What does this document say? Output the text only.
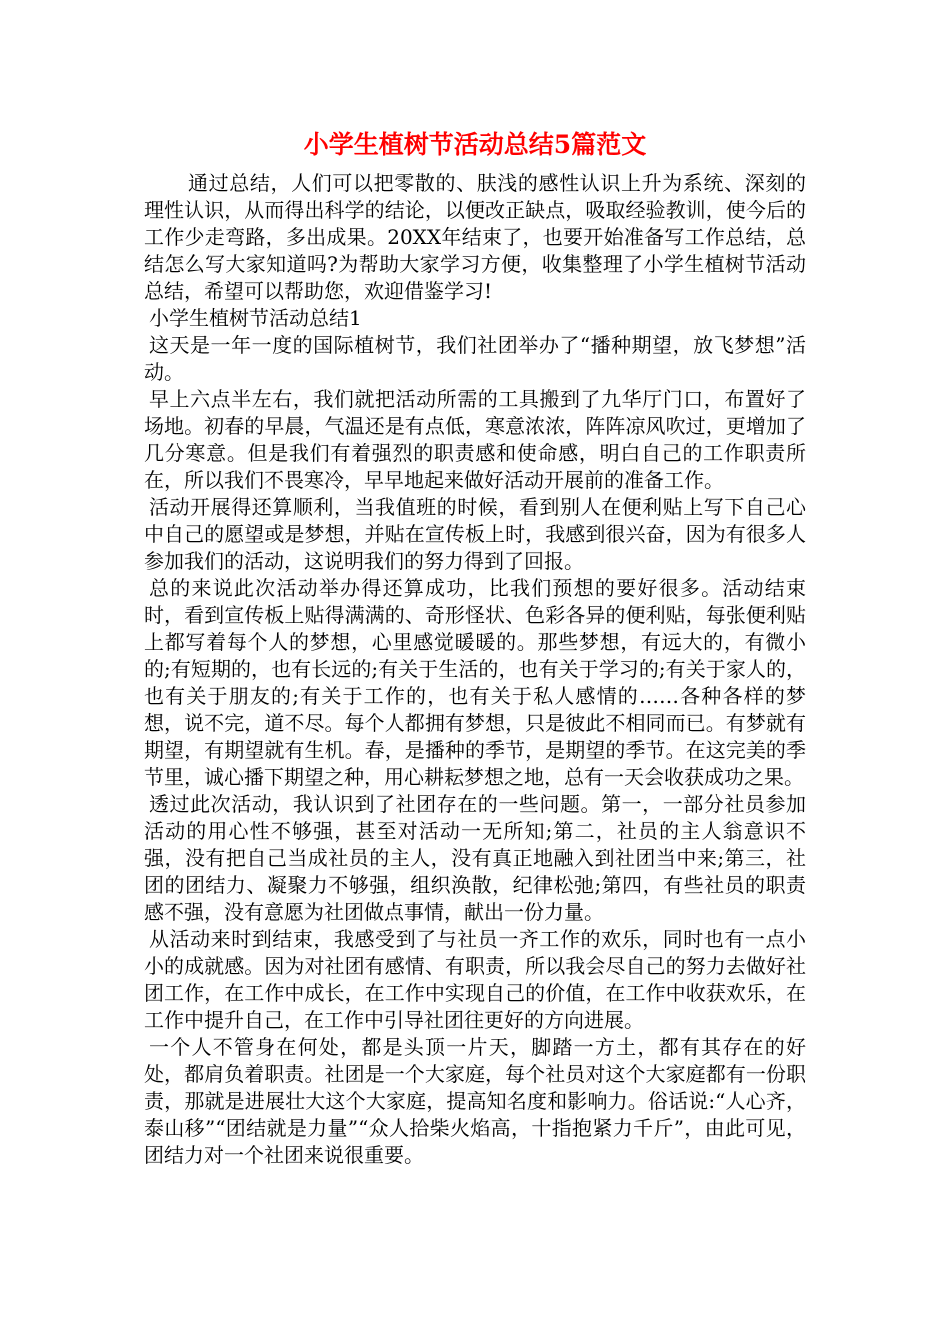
小学生植树节活动总结5篇范文

通过总结，人们可以把零散的、肤浅的感性认识上升为系统、深刻的理性认识，从而得出科学的结论，以便改正缺点，吸取经验教训，使今后的工作少走弯路，多出成果。20XX年结束了，也要开始准备写工作总结，总结怎么写大家知道吗?为帮助大家学习方便，收集整理了小学生植树节活动总结，希望可以帮助您，欢迎借鉴学习!

小学生植树节活动总结1

这天是一年一度的国际植树节，我们社团举办了“播种期望，放飞梦想”活动。

早上六点半左右，我们就把活动所需的工具搬到了九华厅门口，布置好了场地。初春的早晨，气温还是有点低，寒意浓浓，阵阵凉风吹过，更增加了几分寒意。但是我们有着强烈的职责感和使命感，明白自己的工作职责所在，所以我们不畏寒冷，早早地起来做好活动开展前的准备工作。

活动开展得还算顺利，当我值班的时候，看到别人在便利贴上写下自己心中自己的愿望或是梦想，并贴在宣传板上时，我感到很兴奋，因为有很多人参加我们的活动，这说明我们的努力得到了回报。

总的来说此次活动举办得还算成功，比我们预想的要好很多。活动结束时，看到宣传板上贴得满满的、奇形怪状、色彩各异的便利贴，每张便利贴上都写着每个人的梦想，心里感觉暖暖的。那些梦想，有远大的，有微小的;有短期的，也有长远的;有关于生活的，也有关于学习的;有关于家人的，也有关于朋友的;有关于工作的，也有关于私人感情的……各种各样的梦想，说不完，道不尽。每个人都拥有梦想，只是彼此不相同而已。有梦就有期望，有期望就有生机。春，是播种的季节，是期望的季节。在这完美的季节里，诚心播下期望之种，用心耕耘梦想之地，总有一天会收获成功之果。

透过此次活动，我认识到了社团存在的一些问题。第一，一部分社员参加活动的用心性不够强，甚至对活动一无所知;第二，社员的主人翁意识不强，没有把自己当成社员的主人，没有真正地融入到社团当中来;第三，社团的团结力、凝聚力不够强，组织涣散，纪律松弛;第四，有些社员的职责感不强，没有意愿为社团做点事情，献出一份力量。

从活动来时到结束，我感受到了与社员一齐工作的欢乐，同时也有一点小小的成就感。因为对社团有感情、有职责，所以我会尽自己的努力去做好社团工作，在工作中成长，在工作中实现自己的价值，在工作中收获欢乐，在工作中提升自己，在工作中引导社团往更好的方向进展。

一个人不管身在何处，都是头顶一片天，脚踏一方土，都有其存在的好处，都肩负着职责。社团是一个大家庭，每个社员对这个大家庭都有一份职责，那就是进展壮大这个大家庭，提高知名度和影响力。俗话说:“人心齐，泰山移”“团结就是力量”“众人拾柴火焰高，十指抱紧力千斤”，由此可见，团结力对一个社团来说很重要。
